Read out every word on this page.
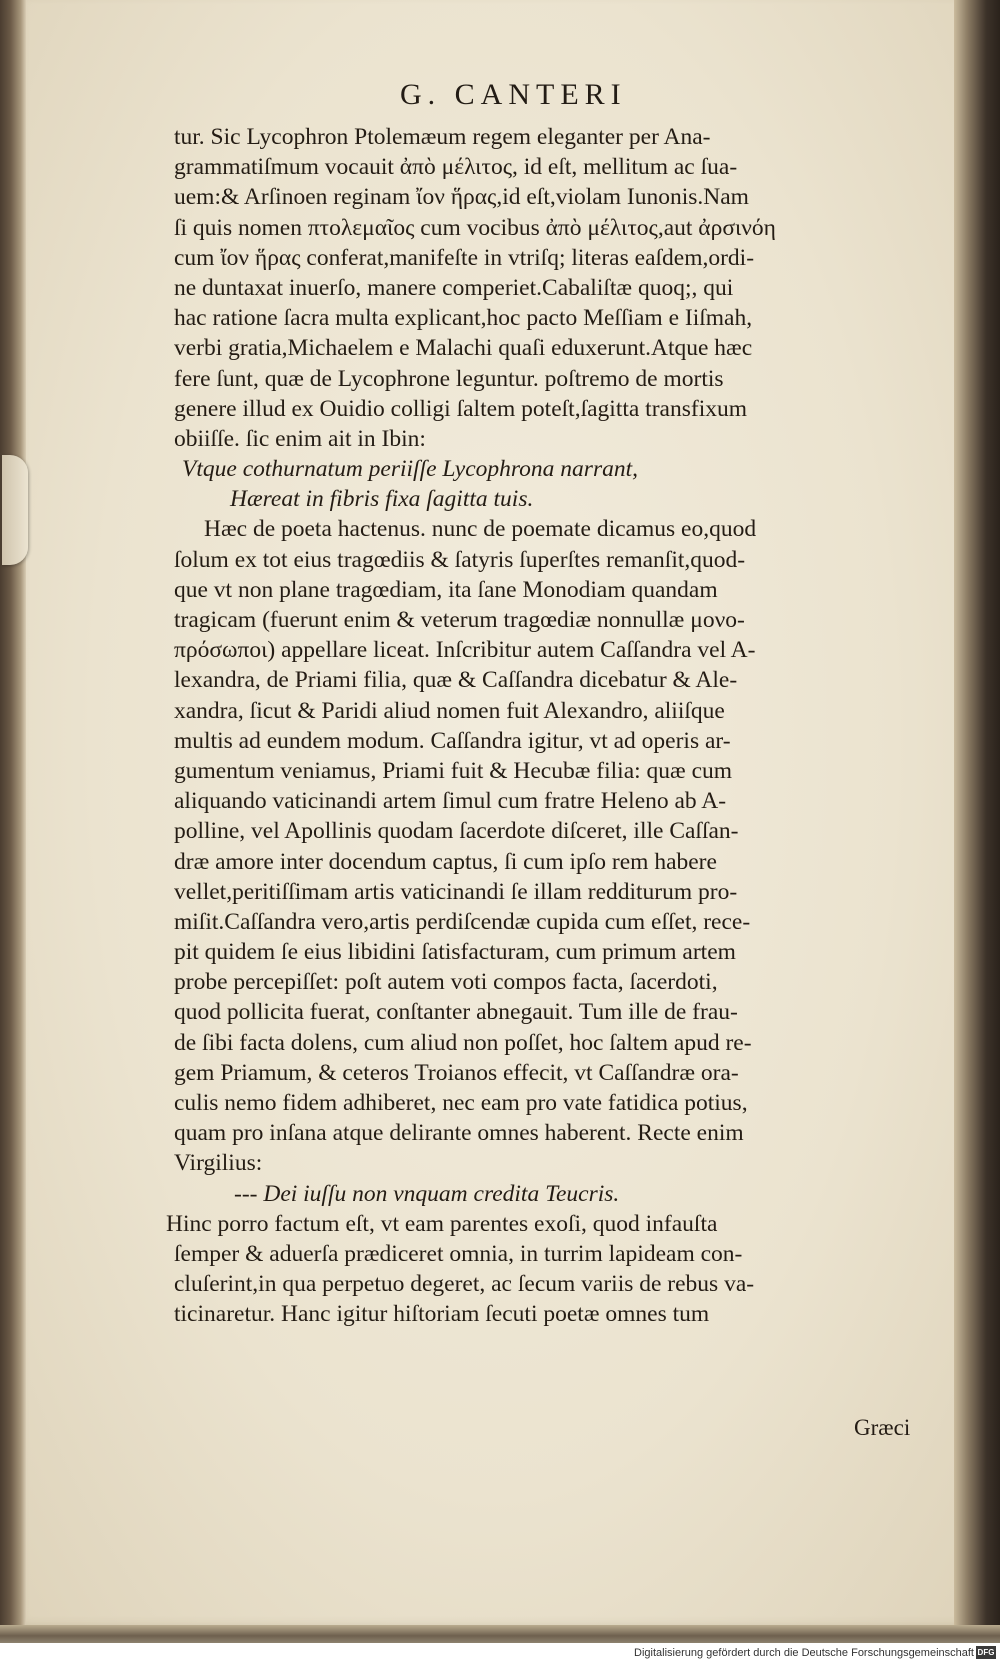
G. CANTERI
tur. Sic Lycophron Ptolemæum regem eleganter per Ana-
grammatiſmum vocauit ἀπὸ μέλιτος, id eſt, mellitum ac ſua-
uem:& Arſinoen reginam ἴον ἥρας,id eſt,violam Iunonis.Nam
ſi quis nomen πτολεμαῖος cum vocibus ἀπὸ μέλιτος,aut ἀρσινόη
cum ἴον ἥρας conferat,manifeſte in vtriſq; literas eaſdem,ordi-
ne duntaxat inuerſo, manere comperiet.Cabaliſtæ quoq;, qui
hac ratione ſacra multa explicant,hoc pacto Meſſiam e Iiſmah,
verbi gratia,Michaelem e Malachi quaſi eduxerunt.Atque hæc
fere ſunt, quæ de Lycophrone leguntur. poſtremo de mortis
genere illud ex Ouidio colligi ſaltem poteſt,ſagitta transfixum
obiiſſe. ſic enim ait in Ibin:
Vtque cothurnatum periiſſe Lycophrona narrant,
Hæreat in fibris fixa ſagitta tuis.
Hæc de poeta hactenus. nunc de poemate dicamus eo,quod
ſolum ex tot eius tragœdiis & ſatyris ſuperſtes remanſit,quod-
que vt non plane tragœdiam, ita ſane Monodiam quandam
tragicam (fuerunt enim & veterum tragœdiæ nonnullæ μονο-
πρόσωποι) appellare liceat. Inſcribitur autem Caſſandra vel A-
lexandra, de Priami filia, quæ & Caſſandra dicebatur & Ale-
xandra, ſicut & Paridi aliud nomen fuit Alexandro, aliiſque
multis ad eundem modum. Caſſandra igitur, vt ad operis ar-
gumentum veniamus, Priami fuit & Hecubæ filia: quæ cum
aliquando vaticinandi artem ſimul cum fratre Heleno ab A-
polline, vel Apollinis quodam ſacerdote diſceret, ille Caſſan-
dræ amore inter docendum captus, ſi cum ipſo rem habere
vellet,peritiſſimam artis vaticinandi ſe illam redditurum pro-
miſit.Caſſandra vero,artis perdiſcendæ cupida cum eſſet, rece-
pit quidem ſe eius libidini ſatisfacturam, cum primum artem
probe percepiſſet: poſt autem voti compos facta, ſacerdoti,
quod pollicita fuerat, conſtanter abnegauit. Tum ille de frau-
de ſibi facta dolens, cum aliud non poſſet, hoc ſaltem apud re-
gem Priamum, & ceteros Troianos effecit, vt Caſſandræ ora-
culis nemo fidem adhiberet, nec eam pro vate fatidica potius,
quam pro inſana atque delirante omnes haberent. Recte enim
Virgilius:
--- Dei iuſſu non vnquam credita Teucris.
Hinc porro factum eſt, vt eam parentes exoſi, quod infauſta
ſemper & aduerſa prædiceret omnia, in turrim lapideam con-
cluſerint,in qua perpetuo degeret, ac ſecum variis de rebus va-
ticinaretur. Hanc igitur hiſtoriam ſecuti poetæ omnes tum
Græci
Digitalisierung gefördert durch die Deutsche Forschungsgemeinschaft DFG
